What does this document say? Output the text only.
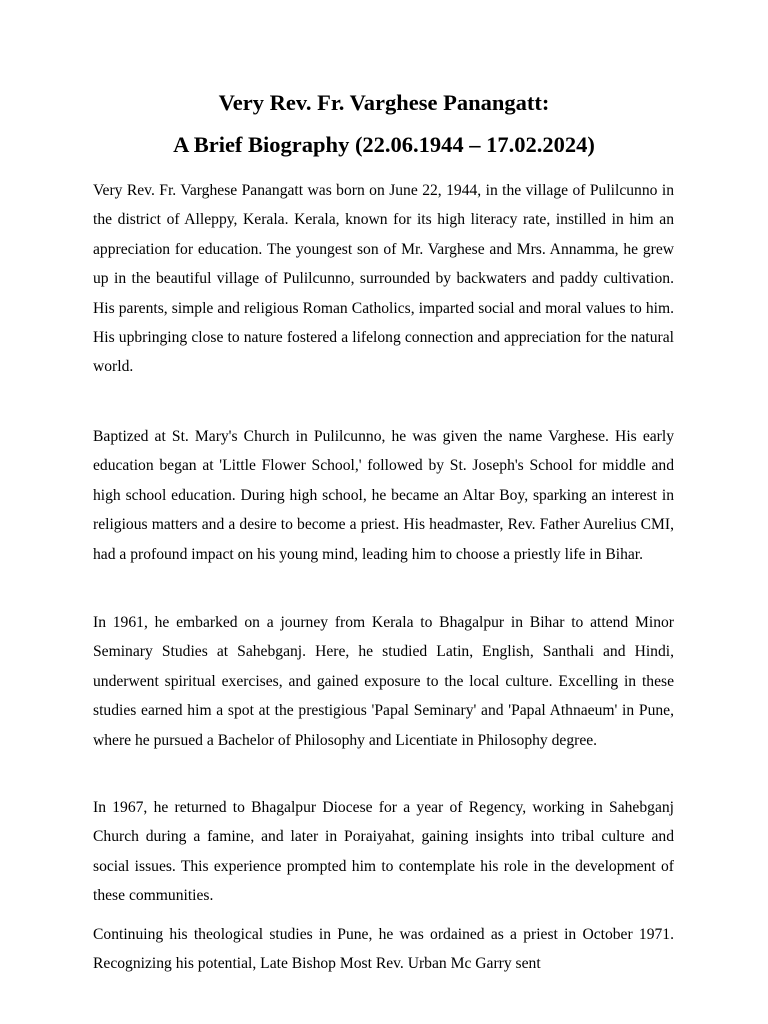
Very Rev. Fr. Varghese Panangatt:
A Brief Biography (22.06.1944 – 17.02.2024)

Very Rev. Fr. Varghese Panangatt was born on June 22, 1944, in the village of Pulilcunno in the district of Alleppy, Kerala. Kerala, known for its high literacy rate, instilled in him an appreciation for education. The youngest son of Mr. Varghese and Mrs. Annamma, he grew up in the beautiful village of Pulilcunno, surrounded by backwaters and paddy cultivation. His parents, simple and religious Roman Catholics, imparted social and moral values to him. His upbringing close to nature fostered a lifelong connection and appreciation for the natural world.

Baptized at St. Mary's Church in Pulilcunno, he was given the name Varghese. His early education began at 'Little Flower School,' followed by St. Joseph's School for middle and high school education. During high school, he became an Altar Boy, sparking an interest in religious matters and a desire to become a priest. His headmaster, Rev. Father Aurelius CMI, had a profound impact on his young mind, leading him to choose a priestly life in Bihar.

In 1961, he embarked on a journey from Kerala to Bhagalpur in Bihar to attend Minor Seminary Studies at Sahebganj. Here, he studied Latin, English, Santhali and Hindi, underwent spiritual exercises, and gained exposure to the local culture. Excelling in these studies earned him a spot at the prestigious 'Papal Seminary' and 'Papal Athnaeum' in Pune, where he pursued a Bachelor of Philosophy and Licentiate in Philosophy degree.

In 1967, he returned to Bhagalpur Diocese for a year of Regency, working in Sahebganj Church during a famine, and later in Poraiyahat, gaining insights into tribal culture and social issues. This experience prompted him to contemplate his role in the development of these communities.

Continuing his theological studies in Pune, he was ordained as a priest in October 1971. Recognizing his potential, Late Bishop Most Rev. Urban Mc Garry sent
